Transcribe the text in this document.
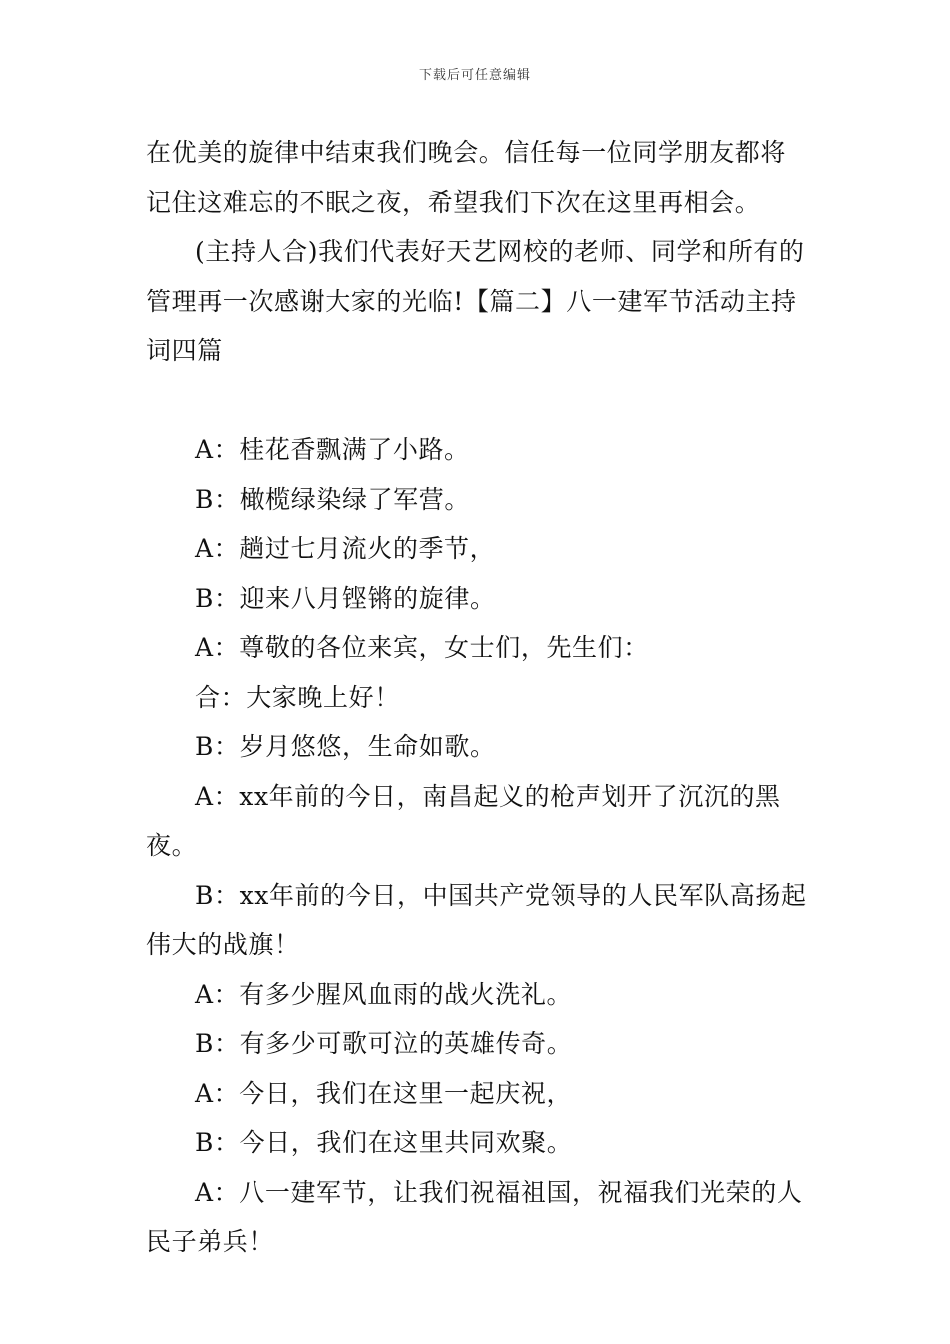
下载后可任意编辑

在优美的旋律中结束我们晚会。信任每一位同学朋友都将记住这难忘的不眠之夜，希望我们下次在这里再相会。

(主持人合)我们代表好天艺网校的老师、同学和所有的管理再一次感谢大家的光临!【篇二】八一建军节活动主持词四篇

A：桂花香飘满了小路。

B：橄榄绿染绿了军营。

A：趟过七月流火的季节，

B：迎来八月铿锵的旋律。

A：尊敬的各位来宾，女士们，先生们：

合：大家晚上好！

B：岁月悠悠，生命如歌。

A：xx年前的今日，南昌起义的枪声划开了沉沉的黑夜。

B：xx年前的今日，中国共产党领导的人民军队高扬起伟大的战旗！

A：有多少腥风血雨的战火洗礼。

B：有多少可歌可泣的英雄传奇。

A：今日，我们在这里一起庆祝，

B：今日，我们在这里共同欢聚。

A：八一建军节，让我们祝福祖国，祝福我们光荣的人民子弟兵！
